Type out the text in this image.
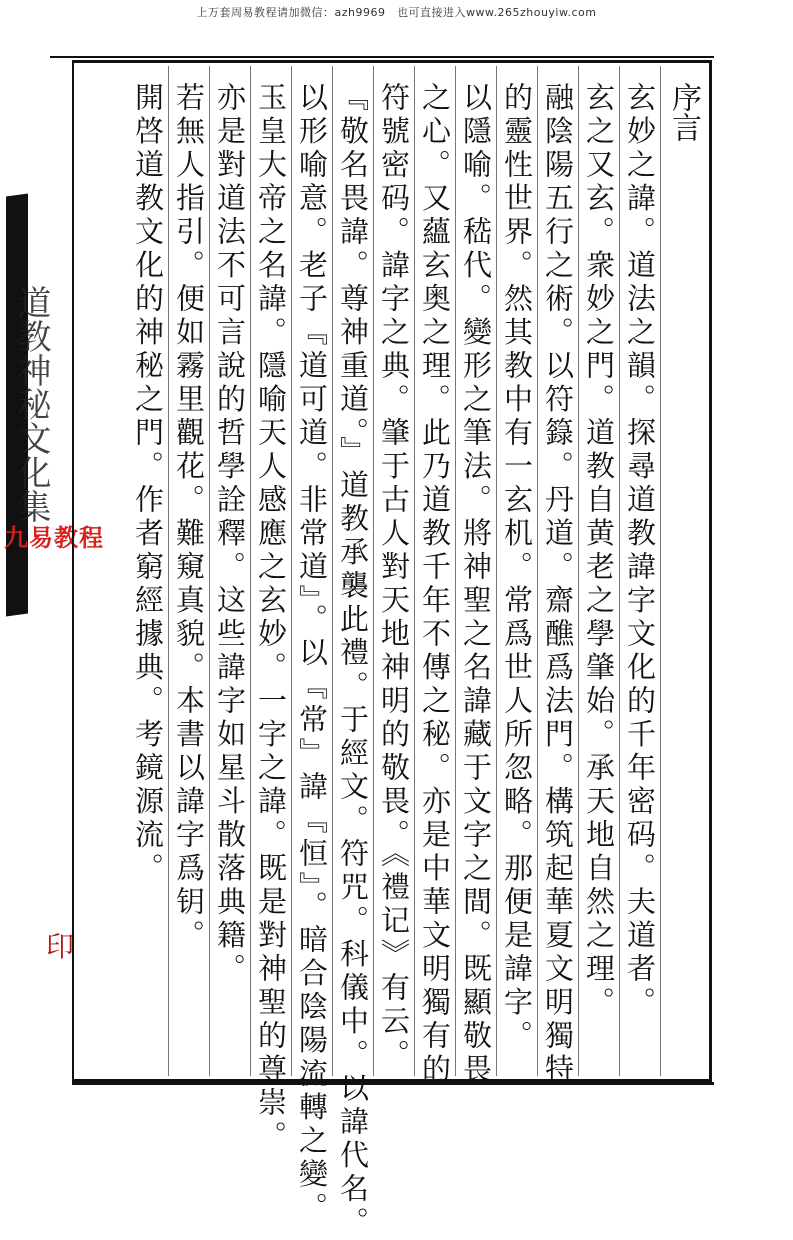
上万套周易教程请加微信：azh9969　也可直接进入www.265zhouyiw.com
道教神秘文化集
印
九易教程
序言
玄妙之諱。道法之韻。探尋道教諱字文化的千年密码。夫道者。
玄之又玄。衆妙之門。道教自黄老之學肇始。承天地自然之理。
融陰陽五行之術。以符籙。丹道。齋醮爲法門。構筑起華夏文明獨特
的靈性世界。然其教中有一玄机。常爲世人所忽略。那便是諱字。
以隱喻。嵇代。變形之筆法。將神聖之名諱藏于文字之間。既顯敬畏
之心。又蘊玄奥之理。此乃道教千年不傳之秘。亦是中華文明獨有的
符號密码。諱字之典。肇于古人對天地神明的敬畏。《禮记》有云。
『敬名畏諱。尊神重道。』道教承襲此禮。于經文。符咒。科儀中。以諱代名。
以形喻意。老子『道可道。非常道』。以『常』諱『恒』。暗合陰陽流轉之變。
玉皇大帝之名諱。隱喻天人感應之玄妙。一字之諱。既是對神聖的尊崇。
亦是對道法不可言說的哲學詮釋。这些諱字如星斗散落典籍。
若無人指引。便如霧里觀花。難窺真貌。本書以諱字爲钥。
開啓道教文化的神秘之門。作者窮經據典。考鏡源流。
